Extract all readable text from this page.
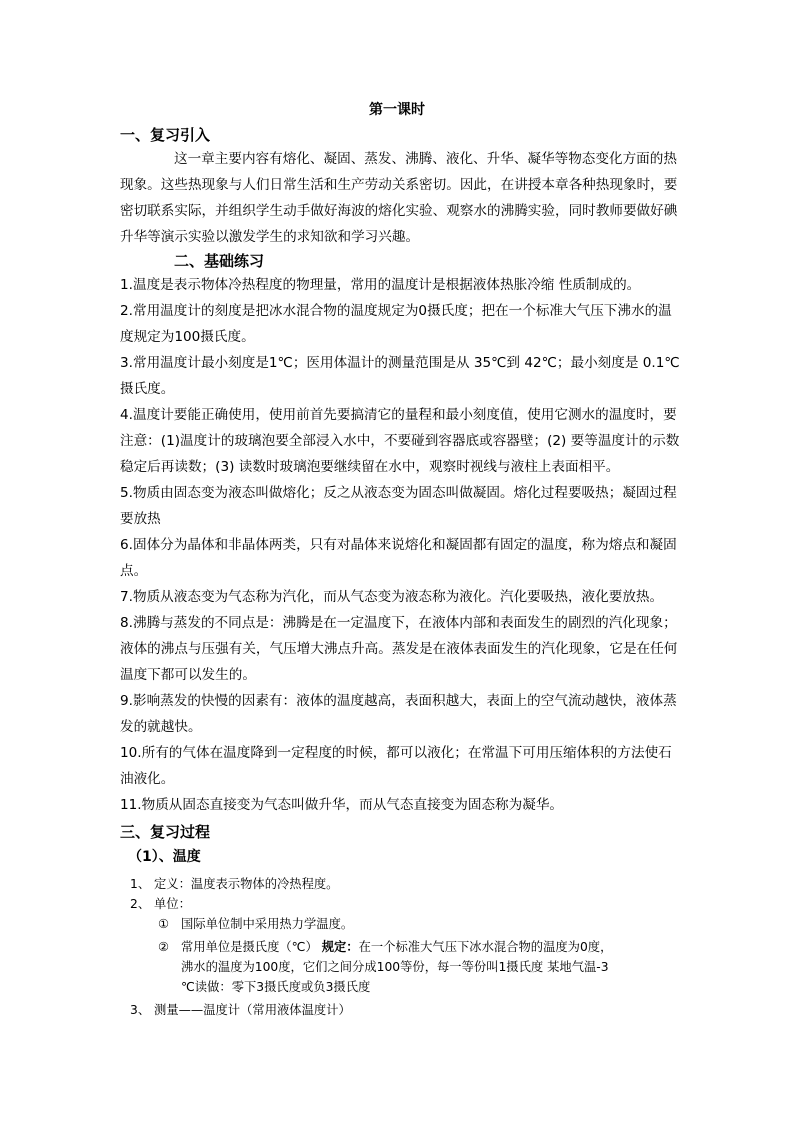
第一课时
一、复习引入
这一章主要内容有熔化、凝固、蒸发、沸腾、液化、升华、凝华等物态变化方面的热现象。这些热现象与人们日常生活和生产劳动关系密切。因此，在讲授本章各种热现象时，要密切联系实际，并组织学生动手做好海波的熔化实验、观察水的沸腾实验，同时教师要做好碘升华等演示实验以激发学生的求知欲和学习兴趣。
二、基础练习
1.温度是表示物体冷热程度的物理量，常用的温度计是根据液体热胀冷缩 性质制成的。
2.常用温度计的刻度是把冰水混合物的温度规定为0摄氏度；把在一个标准大气压下沸水的温度规定为100摄氏度。
3.常用温度计最小刻度是1℃；医用体温计的测量范围是从 35℃到 42℃；最小刻度是 0.1℃摄氏度。
4.温度计要能正确使用，使用前首先要搞清它的量程和最小刻度值，使用它测水的温度时，要注意：(1)温度计的玻璃泡要全部浸入水中，不要碰到容器底或容器壁；(2) 要等温度计的示数稳定后再读数；(3) 读数时玻璃泡要继续留在水中，观察时视线与液柱上表面相平。
5.物质由固态变为液态叫做熔化；反之从液态变为固态叫做凝固。熔化过程要吸热；凝固过程要放热
6.固体分为晶体和非晶体两类，只有对晶体来说熔化和凝固都有固定的温度，称为熔点和凝固点。
7.物质从液态变为气态称为汽化，而从气态变为液态称为液化。汽化要吸热，液化要放热。
8.沸腾与蒸发的不同点是：沸腾是在一定温度下，在液体内部和表面发生的剧烈的汽化现象；液体的沸点与压强有关，气压增大沸点升高。蒸发是在液体表面发生的汽化现象，它是在任何温度下都可以发生的。
9.影响蒸发的快慢的因素有：液体的温度越高，表面积越大，表面上的空气流动越快，液体蒸发的就越快。
10.所有的气体在温度降到一定程度的时候，都可以液化；在常温下可用压缩体积的方法使石油液化。
11.物质从固态直接变为气态叫做升华，而从气态直接变为固态称为凝华。
三、复习过程
（1）、温度
1、 定义：温度表示物体的冷热程度。
2、 单位：
① 国际单位制中采用热力学温度。
② 常用单位是摄氏度（℃） 规定：在一个标准大气压下冰水混合物的温度为0度，
沸水的温度为100度，它们之间分成100等份，每一等份叫1摄氏度 某地气温-3
℃读做：零下3摄氏度或负3摄氏度
3、 测量——温度计（常用液体温度计）
